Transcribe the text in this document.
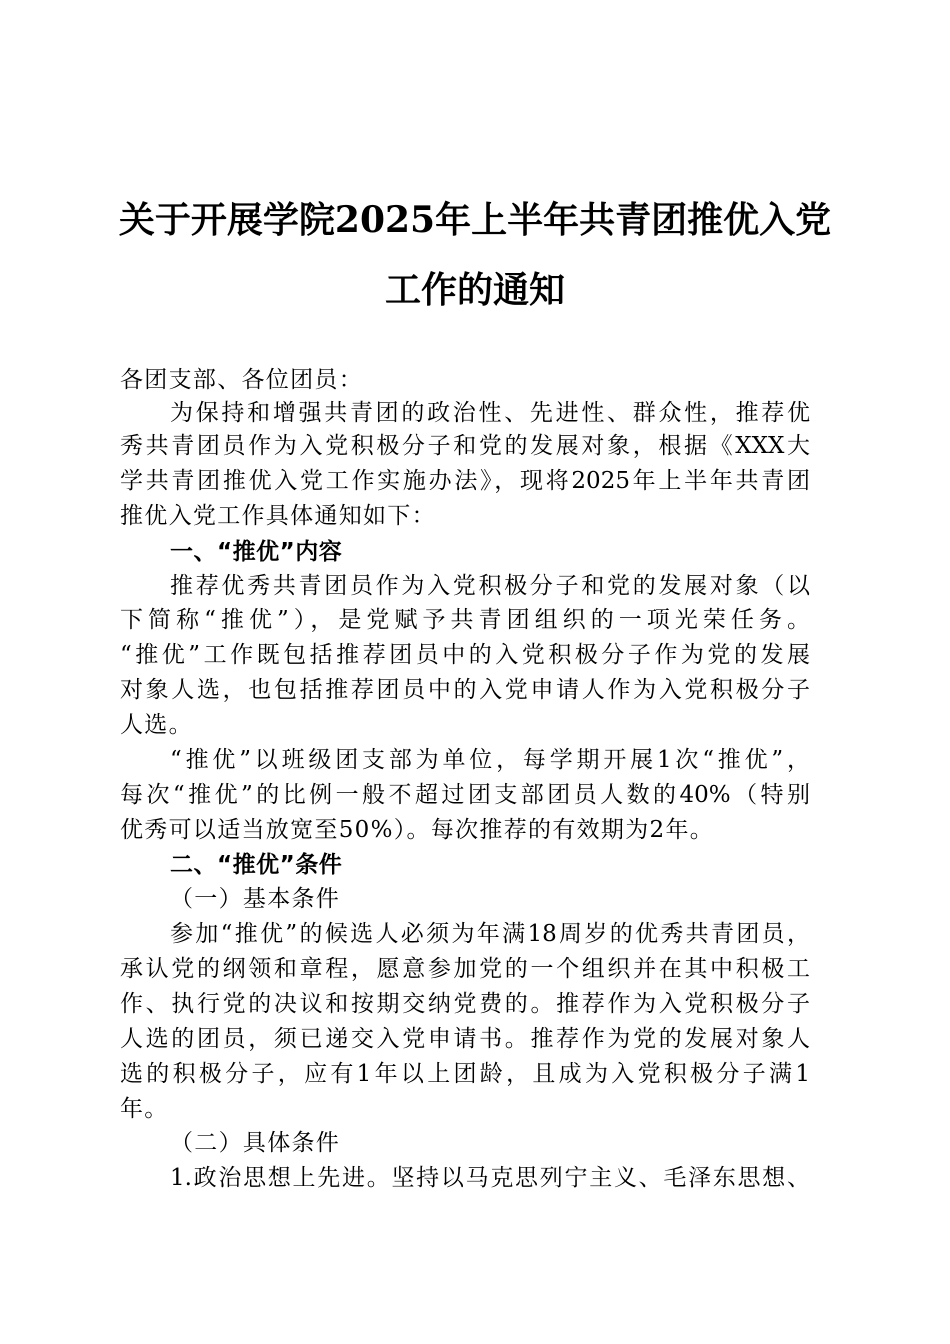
关于开展学院2025年上半年共青团推优入党
工作的通知
各团支部、各位团员：
为保持和增强共青团的政治性、先进性、群众性，推荐优
秀共青团员作为入党积极分子和党的发展对象，根据《XXX大
学共青团推优入党工作实施办法》，现将2025年上半年共青团
推优入党工作具体通知如下：
一、“推优”内容
推荐优秀共青团员作为入党积极分子和党的发展对象（以
下简称“推优”），是党赋予共青团组织的一项光荣任务。
“推优”工作既包括推荐团员中的入党积极分子作为党的发展
对象人选，也包括推荐团员中的入党申请人作为入党积极分子
人选。
“推优”以班级团支部为单位，每学期开展1次“推优”，
每次“推优”的比例一般不超过团支部团员人数的40%（特别
优秀可以适当放宽至50%）。每次推荐的有效期为2年。
二、“推优”条件
（一）基本条件
参加“推优”的候选人必须为年满18周岁的优秀共青团员，
承认党的纲领和章程，愿意参加党的一个组织并在其中积极工
作、执行党的决议和按期交纳党费的。推荐作为入党积极分子
人选的团员，须已递交入党申请书。推荐作为党的发展对象人
选的积极分子，应有1年以上团龄，且成为入党积极分子满1
年。
（二）具体条件
1.政治思想上先进。坚持以马克思列宁主义、毛泽东思想、
